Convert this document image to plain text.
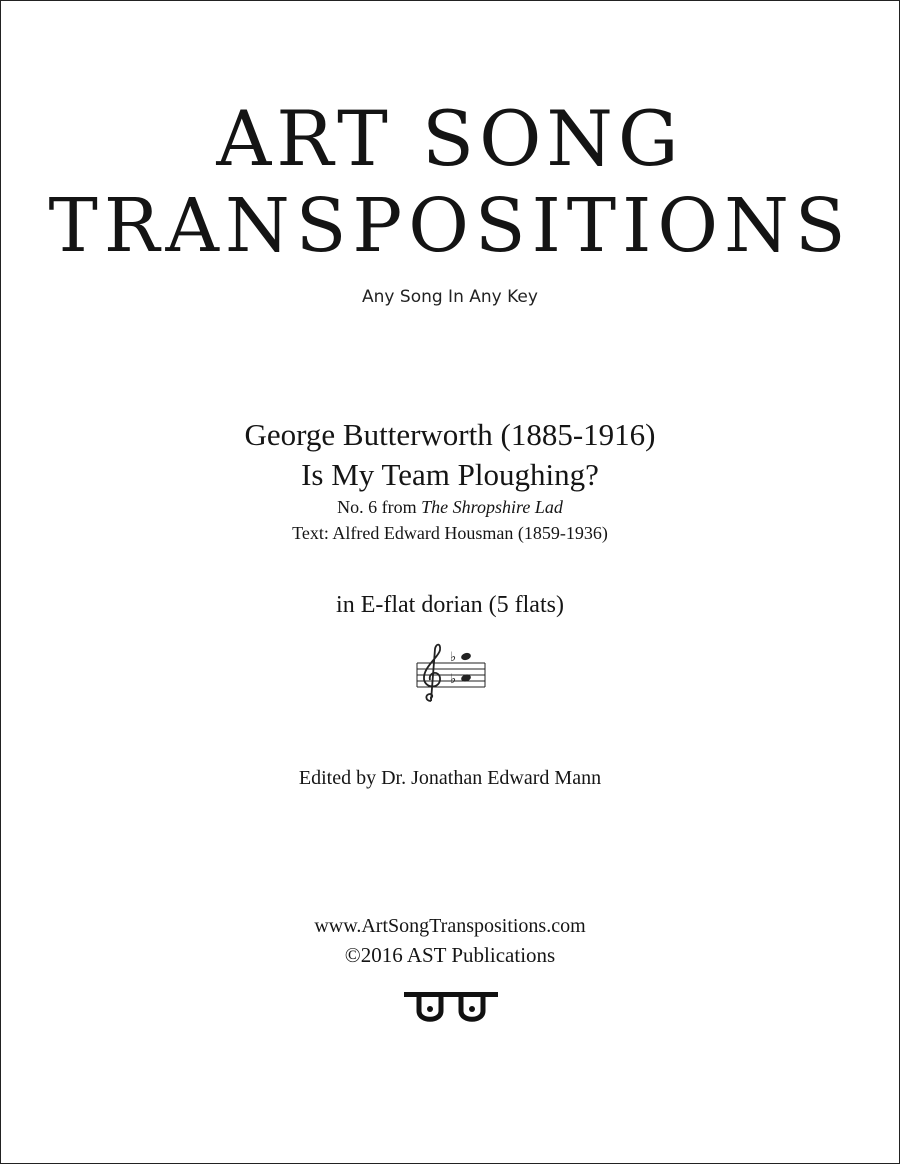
ART SONG
TRANSPOSITIONS
Any Song In Any Key
George Butterworth (1885-1916)
Is My Team Ploughing?
No. 6 from The Shropshire Lad
Text: Alfred Edward Housman (1859-1936)
in E-flat dorian (5 flats)
♭
♭
Edited by Dr. Jonathan Edward Mann
www.ArtSongTranspositions.com
©2016 AST Publications
